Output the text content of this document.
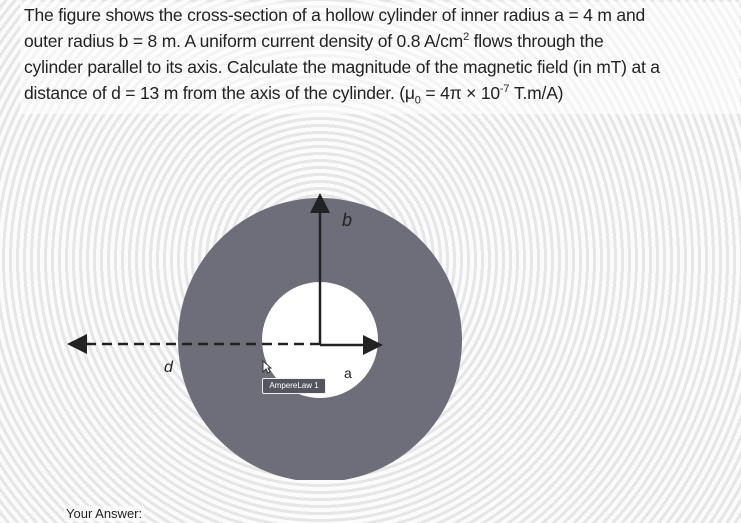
The figure shows the cross-section of a hollow cylinder of inner radius a = 4 m and
outer radius b = 8 m. A uniform current density of 0.8 $A/cm^2$ flows through the
cylinder parallel to its axis. Calculate the magnitude of the magnetic field (in mT) at a
distance of d = 13 m from the axis of the cylinder. ($\mu_0 = 4\pi \times 10^{-7}$ T.m/A)
b
a
d
AmpereLaw 1
Your Answer:
